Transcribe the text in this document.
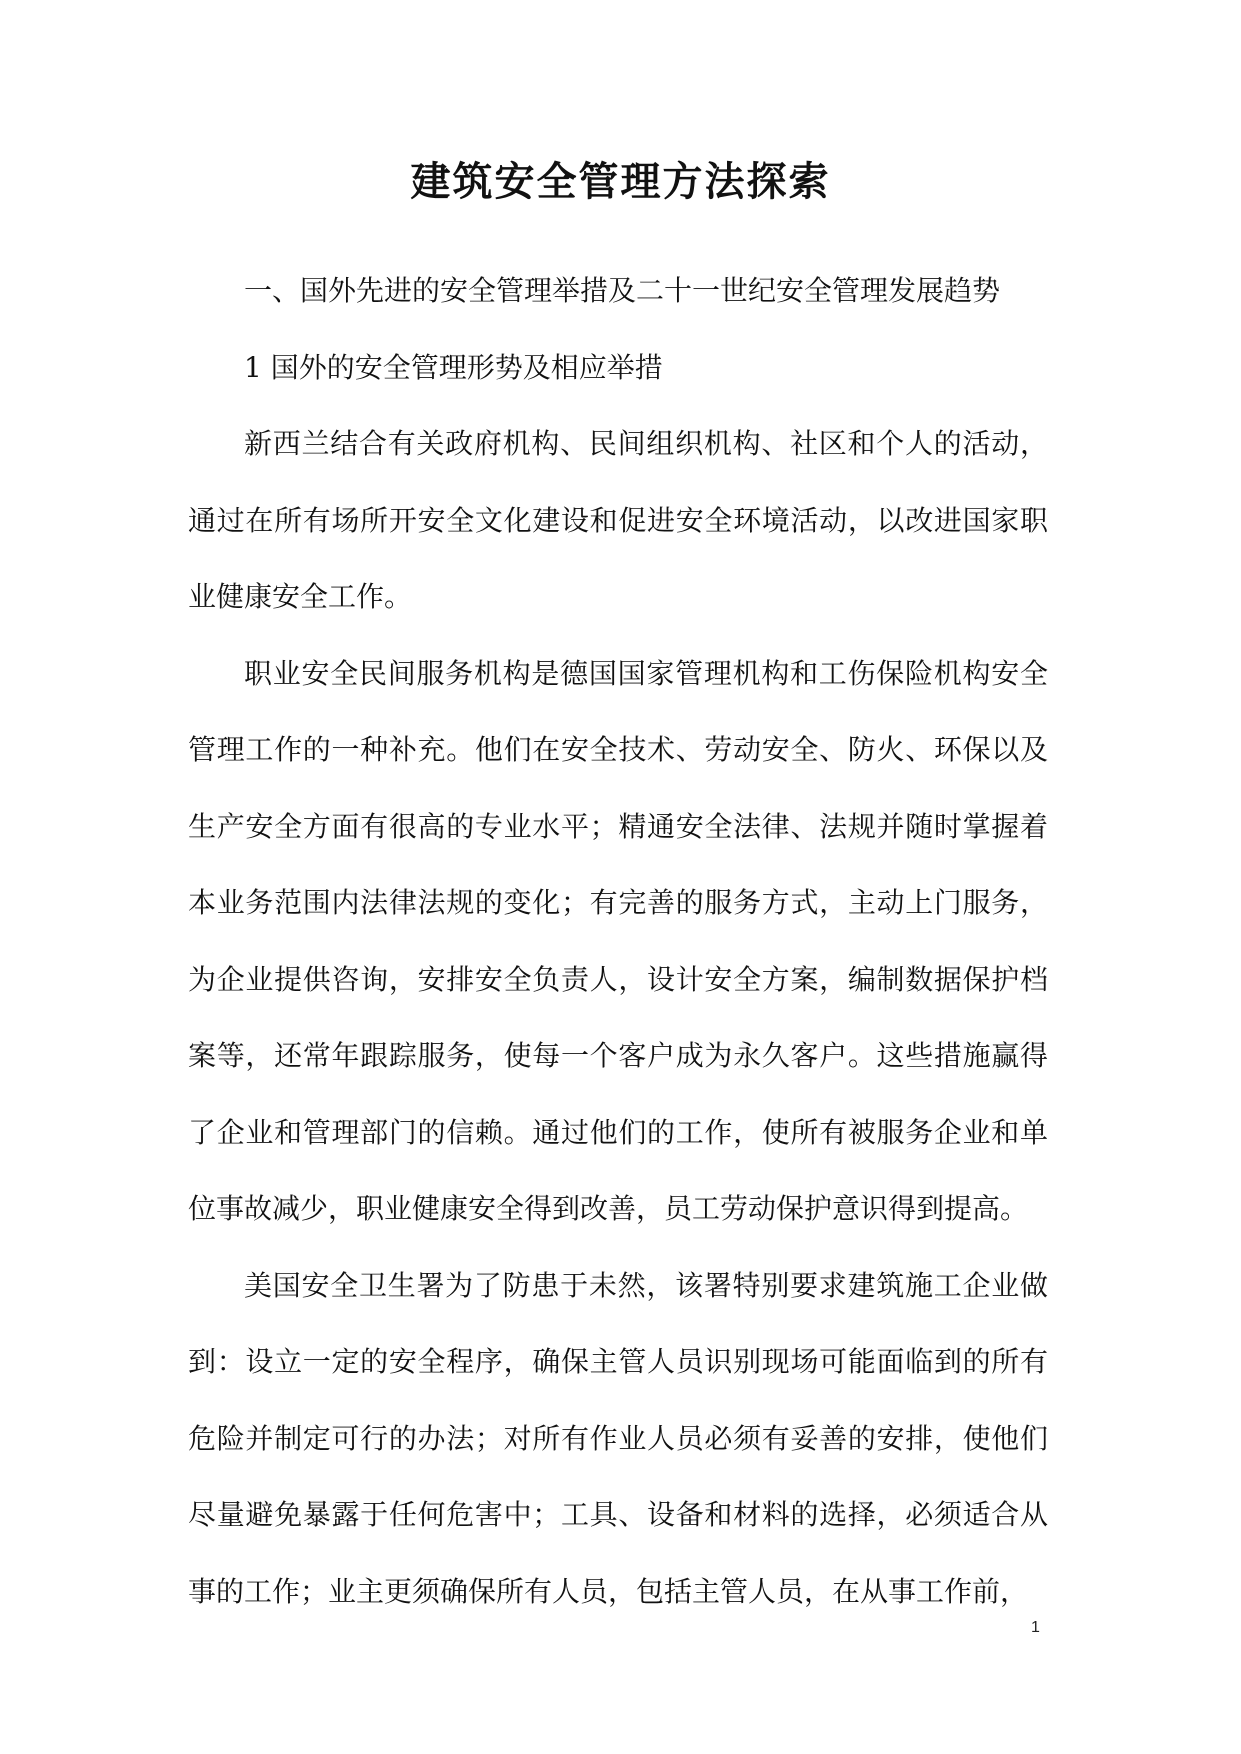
建筑安全管理方法探索

一、国外先进的安全管理举措及二十一世纪安全管理发展趋势

1 国外的安全管理形势及相应举措

新西兰结合有关政府机构、民间组织机构、社区和个人的活动，通过在所有场所开安全文化建设和促进安全环境活动，以改进国家职业健康安全工作。

职业安全民间服务机构是德国国家管理机构和工伤保险机构安全管理工作的一种补充。他们在安全技术、劳动安全、防火、环保以及生产安全方面有很高的专业水平；精通安全法律、法规并随时掌握着本业务范围内法律法规的变化；有完善的服务方式，主动上门服务，为企业提供咨询，安排安全负责人，设计安全方案，编制数据保护档案等，还常年跟踪服务，使每一个客户成为永久客户。这些措施赢得了企业和管理部门的信赖。通过他们的工作，使所有被服务企业和单位事故减少，职业健康安全得到改善，员工劳动保护意识得到提高。

美国安全卫生署为了防患于未然，该署特别要求建筑施工企业做到：设立一定的安全程序，确保主管人员识别现场可能面临到的所有危险并制定可行的办法；对所有作业人员必须有妥善的安排，使他们尽量避免暴露于任何危害中；工具、设备和材料的选择，必须适合从事的工作；业主更须确保所有人员，包括主管人员，在从事工作前，

1
